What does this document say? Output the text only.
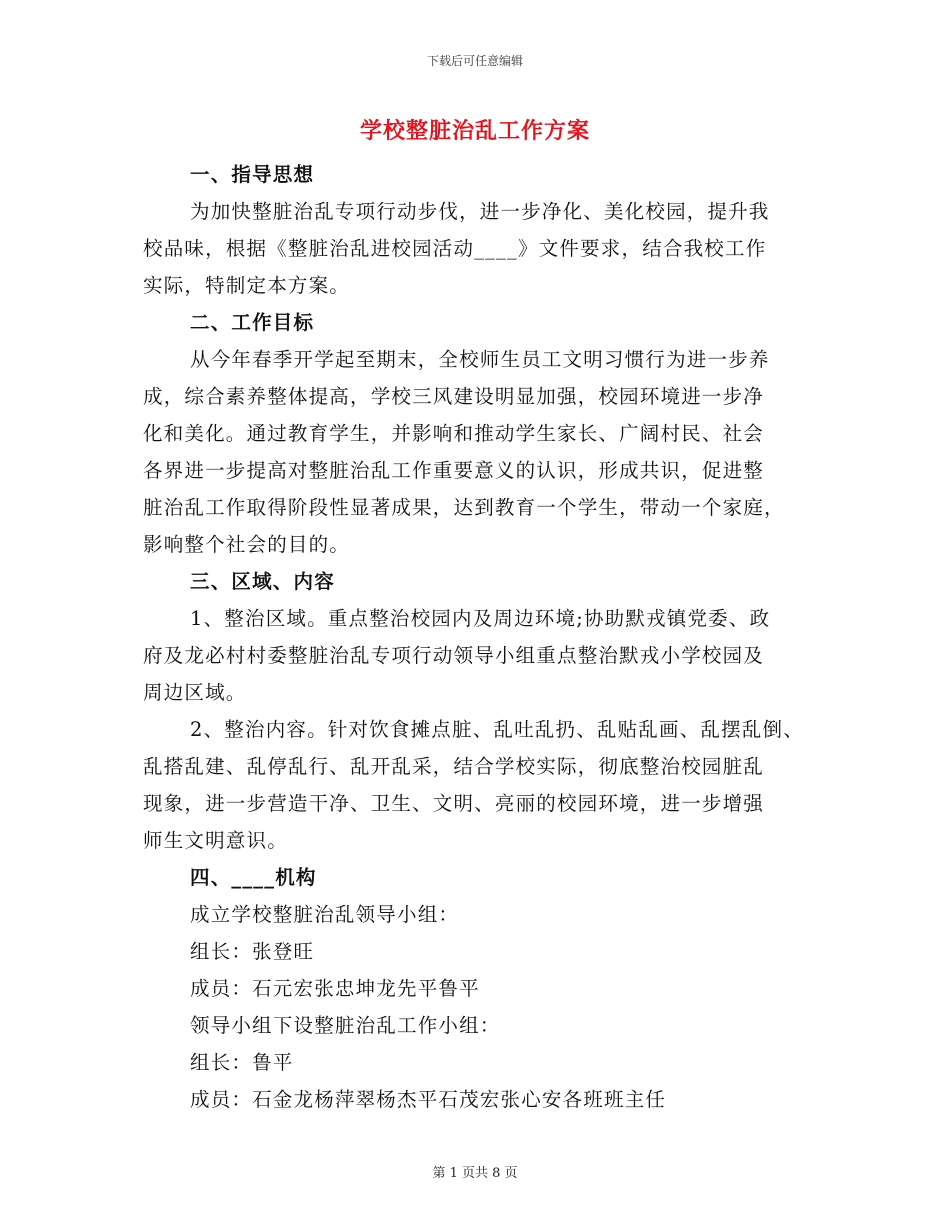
下载后可任意编辑
学校整脏治乱工作方案
一、指导思想
为加快整脏治乱专项行动步伐，进一步净化、美化校园，提升我
校品味，根据《整脏治乱进校园活动____》文件要求，结合我校工作
实际，特制定本方案。
二、工作目标
从今年春季开学起至期末，全校师生员工文明习惯行为进一步养
成，综合素养整体提高，学校三风建设明显加强，校园环境进一步净
化和美化。通过教育学生，并影响和推动学生家长、广阔村民、社会
各界进一步提高对整脏治乱工作重要意义的认识，形成共识，促进整
脏治乱工作取得阶段性显著成果，达到教育一个学生，带动一个家庭，
影响整个社会的目的。
三、区域、内容
1、整治区域。重点整治校园内及周边环境;协助默戎镇党委、政
府及龙必村村委整脏治乱专项行动领导小组重点整治默戎小学校园及
周边区域。
2、整治内容。针对饮食摊点脏、乱吐乱扔、乱贴乱画、乱摆乱倒、
乱搭乱建、乱停乱行、乱开乱采，结合学校实际，彻底整治校园脏乱
现象，进一步营造干净、卫生、文明、亮丽的校园环境，进一步增强
师生文明意识。
四、____机构
成立学校整脏治乱领导小组：
组长：张登旺
成员：石元宏张忠坤龙先平鲁平
领导小组下设整脏治乱工作小组：
组长：鲁平
成员：石金龙杨萍翠杨杰平石茂宏张心安各班班主任
第 1 页共 8 页
